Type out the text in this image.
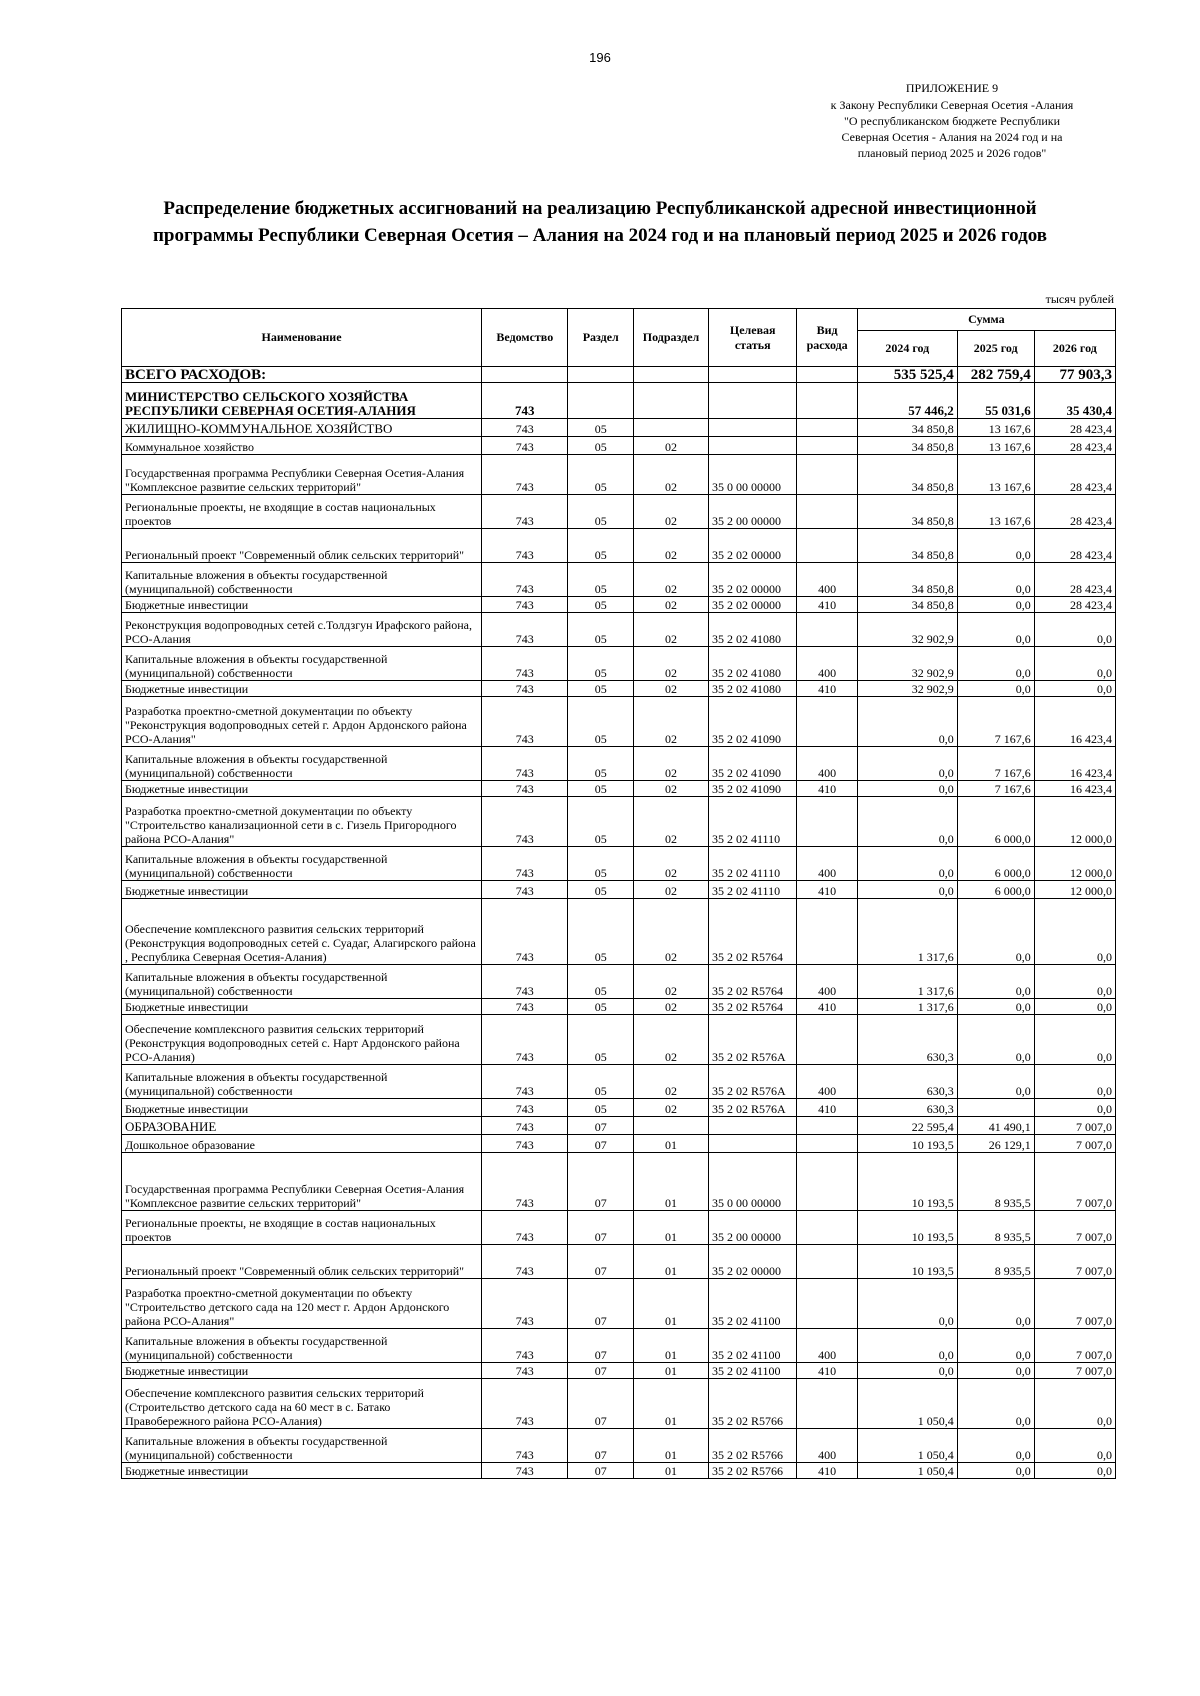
196
ПРИЛОЖЕНИЕ 9
к Закону Республики Северная Осетия -Алания
"О республиканском бюджете Республики
Северная Осетия - Алания на 2024 год и на
плановый период 2025 и 2026 годов"
Распределение бюджетных ассигнований на реализацию Республиканской адресной инвестиционной
программы Республики Северная Осетия – Алания на 2024 год и на плановый период 2025 и 2026 годов
тысяч рублей
Наименование	Ведомство	Раздел	Подраздел	Целевая статья	Вид расхода	Сумма		
						2024 год	2025 год	2026 год
ВСЕГО РАСХОДОВ:						535 525,4	282 759,4	77 903,3
МИНИСТЕРСТВО СЕЛЬСКОГО ХОЗЯЙСТВА РЕСПУБЛИКИ СЕВЕРНАЯ ОСЕТИЯ-АЛАНИЯ	743					57 446,2	55 031,6	35 430,4
ЖИЛИЩНО-КОММУНАЛЬНОЕ ХОЗЯЙСТВО	743	05				34 850,8	13 167,6	28 423,4
Коммунальное хозяйство	743	05	02			34 850,8	13 167,6	28 423,4
Государственная программа Республики Северная Осетия-Алания "Комплексное развитие сельских территорий"	743	05	02	35 0 00 00000		34 850,8	13 167,6	28 423,4
Региональные проекты, не входящие в состав национальных проектов	743	05	02	35 2 00 00000		34 850,8	13 167,6	28 423,4
Региональный проект "Современный облик сельских территорий"	743	05	02	35 2 02 00000		34 850,8	0,0	28 423,4
Капитальные вложения в объекты государственной (муниципальной) собственности	743	05	02	35 2 02 00000	400	34 850,8	0,0	28 423,4
Бюджетные инвестиции	743	05	02	35 2 02 00000	410	34 850,8	0,0	28 423,4
Реконструкция водопроводных сетей с.Толдзгун Ирафского района, РСО-Алания	743	05	02	35 2 02 41080		32 902,9	0,0	0,0
Капитальные вложения в объекты государственной (муниципальной) собственности	743	05	02	35 2 02 41080	400	32 902,9	0,0	0,0
Бюджетные инвестиции	743	05	02	35 2 02 41080	410	32 902,9	0,0	0,0
Разработка проектно-сметной документации по объекту "Реконструкция водопроводных сетей г. Ардон Ардонского района РСО-Алания"	743	05	02	35 2 02 41090		0,0	7 167,6	16 423,4
Капитальные вложения в объекты государственной (муниципальной) собственности	743	05	02	35 2 02 41090	400	0,0	7 167,6	16 423,4
Бюджетные инвестиции	743	05	02	35 2 02 41090	410	0,0	7 167,6	16 423,4
Разработка проектно-сметной документации по объекту "Строительство канализационной сети в с. Гизель Пригородного района РСО-Алания"	743	05	02	35 2 02 41110		0,0	6 000,0	12 000,0
Капитальные вложения в объекты государственной (муниципальной) собственности	743	05	02	35 2 02 41110	400	0,0	6 000,0	12 000,0
Бюджетные инвестиции	743	05	02	35 2 02 41110	410	0,0	6 000,0	12 000,0
Обеспечение комплексного развития сельских территорий (Реконструкция водопроводных сетей с. Суадаг, Алагирского района , Республика Северная Осетия-Алания)	743	05	02	35 2 02 R5764		1 317,6	0,0	0,0
Капитальные вложения в объекты государственной (муниципальной) собственности	743	05	02	35 2 02 R5764	400	1 317,6	0,0	0,0
Бюджетные инвестиции	743	05	02	35 2 02 R5764	410	1 317,6	0,0	0,0
Обеспечение комплексного развития сельских территорий (Реконструкция водопроводных сетей с. Нарт Ардонского района РСО-Алания)	743	05	02	35 2 02 R576A		630,3	0,0	0,0
Капитальные вложения в объекты государственной (муниципальной) собственности	743	05	02	35 2 02 R576A	400	630,3	0,0	0,0
Бюджетные инвестиции	743	05	02	35 2 02 R576A	410	630,3		0,0
ОБРАЗОВАНИЕ	743	07				22 595,4	41 490,1	7 007,0
Дошкольное образование	743	07	01			10 193,5	26 129,1	7 007,0
Государственная программа Республики Северная Осетия-Алания "Комплексное развитие сельских территорий"	743	07	01	35 0 00 00000		10 193,5	8 935,5	7 007,0
Региональные проекты, не входящие в состав национальных проектов	743	07	01	35 2 00 00000		10 193,5	8 935,5	7 007,0
Региональный проект "Современный облик сельских территорий"	743	07	01	35 2 02 00000		10 193,5	8 935,5	7 007,0
Разработка проектно-сметной документации по объекту "Строительство детского сада на 120 мест г. Ардон Ардонского района РСО-Алания"	743	07	01	35 2 02 41100		0,0	0,0	7 007,0
Капитальные вложения в объекты государственной (муниципальной) собственности	743	07	01	35 2 02 41100	400	0,0	0,0	7 007,0
Бюджетные инвестиции	743	07	01	35 2 02 41100	410	0,0	0,0	7 007,0
Обеспечение комплексного развития сельских территорий (Строительство детского сада на 60 мест в с. Батако Правобережного района РСО-Алания)	743	07	01	35 2 02 R5766		1 050,4	0,0	0,0
Капитальные вложения в объекты государственной (муниципальной) собственности	743	07	01	35 2 02 R5766	400	1 050,4	0,0	0,0
Бюджетные инвестиции	743	07	01	35 2 02 R5766	410	1 050,4	0,0	0,0
